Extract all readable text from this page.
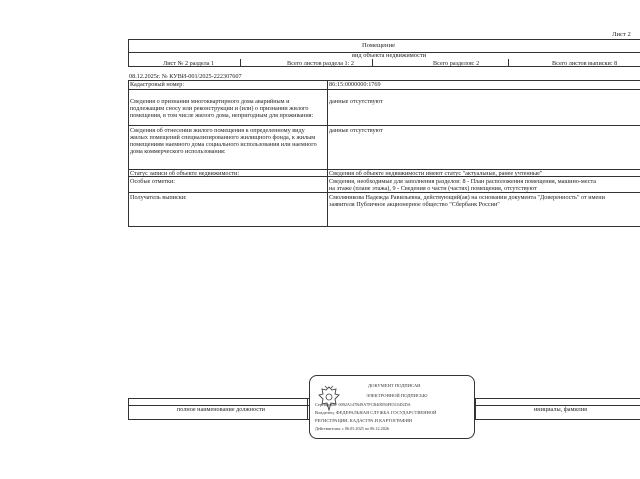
Лист 2
Помещение
вид объекта недвижимости
Лист № 2 раздела 1	Всего листов раздела 1: 2	Всего разделов: 2	Всего листов выписки: 8
08.12.2025г. № КУВИ-001/2025-222307607
Кадастровый номер:	86:15:0000000:1769
Сведения о признании многоквартирного дома аварийным и подлежащим сносу или реконструкции и (или) о признании жилого помещения, в том числе жилого дома, непригодным для проживания:
данные отсутствуют
Сведения об отнесении жилого помещения к определенному виду жилых помещений специализированного жилищного фонда, к жилым помещениям наемного дома социального использования или наемного дома коммерческого использования:
данные отсутствуют
Статус записи об объекте недвижимости:	Сведения об объекте недвижимости имеют статус "актуальные, ранее учтенные"
Особые отметки:	Сведения, необходимые для заполнения разделов: 8 - План расположения помещения, машино-места
на этаже (плане этажа), 9 - Сведения о части (частях) помещения, отсутствуют
Получатель выписки:	Смоляникова Надежда Равильевна, действующий(ая) на основании документа "Доверенность" от имени
заявителя Публичное акционерное общество "Сбербанк России"
полное наименование должности	инициалы, фамилия
ДОКУМЕНТ ПОДПИСАН
ЭЛЕКТРОННОЙ ПОДПИСЬЮ
Сертификат: 0092A147B49A7FCB40D56FE5C6D2DA
Владелец: ФЕДЕРАЛЬНАЯ СЛУЖБА ГОСУДАРСТВЕННОЙ
РЕГИСТРАЦИИ, КАДАСТРА И КАРТОГРАФИИ
Действителен: с 06.05.2025 по 06.12.2026
